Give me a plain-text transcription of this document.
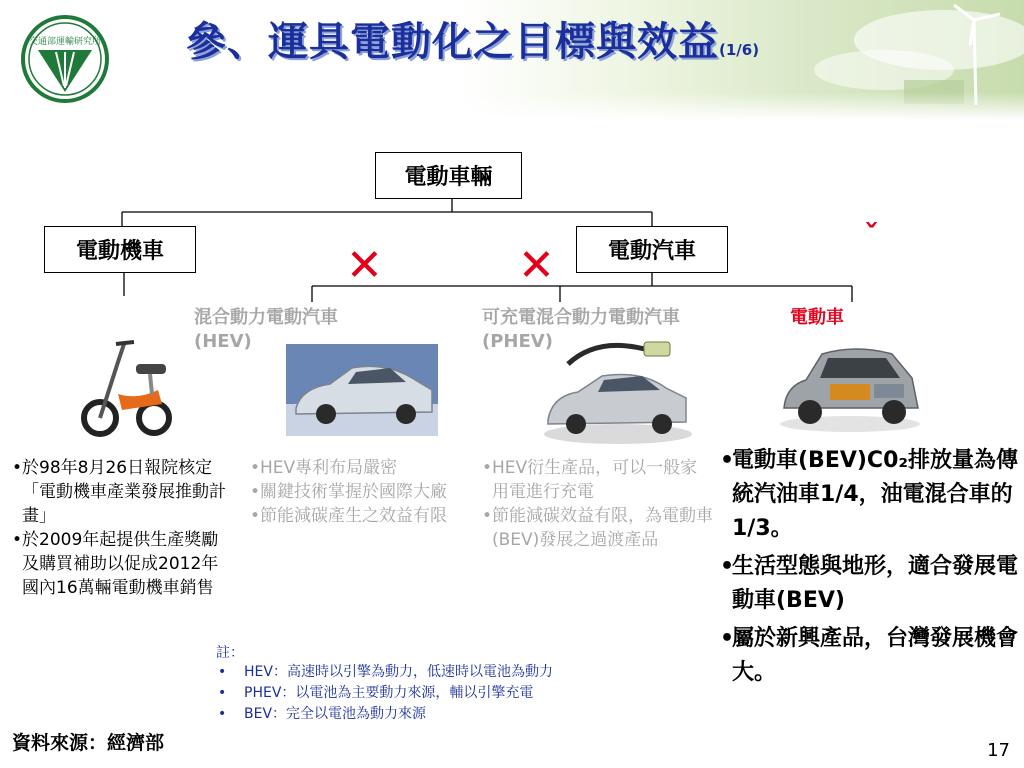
交通部運輸研究所 參、運具電動化之目標與效益(1/6)
電動車輛
電動機車	電動汽車
✕	✕
ˇ
混合動力電動汽車
(HEV)
可充電混合動力電動汽車
(PHEV)
電動車
• 於98年8月26日報院核定「電動機車產業發展推動計畫」
• 於2009年起提供生產獎勵及購買補助以促成2012年國內16萬輛電動機車銷售
• HEV專利布局嚴密
• 關鍵技術掌握於國際大廠
• 節能減碳產生之效益有限
• HEV衍生產品，可以一般家用電進行充電
• 節能減碳效益有限，為電動車(BEV)發展之過渡產品
• 電動車(BEV)C0₂排放量為傳統汽油車1/4，油電混合車的1/3。
• 生活型態與地形，適合發展電動車(BEV)
• 屬於新興產品，台灣發展機會大。
註：
• HEV：高速時以引擎為動力，低速時以電池為動力
• PHEV：以電池為主要動力來源，輔以引擎充電
• BEV：完全以電池為動力來源
資料來源：經濟部	17
